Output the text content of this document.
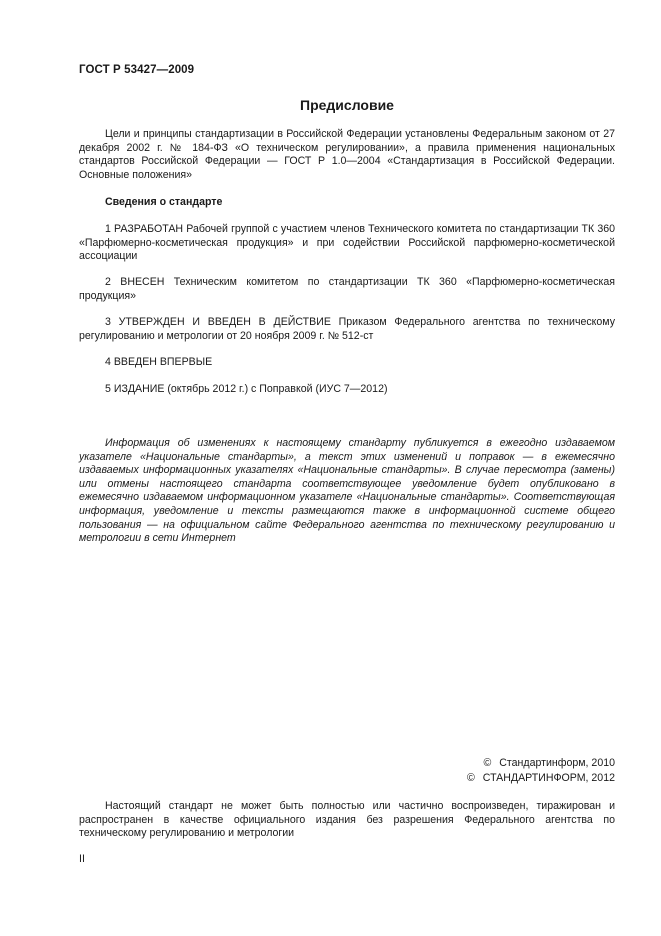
ГОСТ Р 53427—2009
Предисловие

Цели и принципы стандартизации в Российской Федерации установлены Федеральным законом от 27 декабря 2002 г. № 184-ФЗ «О техническом регулировании», а правила применения национальных стандартов Российской Федерации — ГОСТ Р 1.0—2004 «Стандартизация в Российской Федерации. Основные положения»

Сведения о стандарте

1 РАЗРАБОТАН Рабочей группой с участием членов Технического комитета по стандартизации ТК 360 «Парфюмерно-косметическая продукция» и при содействии Российской парфюмерно-косметической ассоциации

2 ВНЕСЕН Техническим комитетом по стандартизации ТК 360 «Парфюмерно-косметическая продукция»

3 УТВЕРЖДЕН И ВВЕДЕН В ДЕЙСТВИЕ Приказом Федерального агентства по техническому регулированию и метрологии от 20 ноября 2009 г. № 512-ст

4 ВВЕДЕН ВПЕРВЫЕ

5 ИЗДАНИЕ (октябрь 2012 г.) с Поправкой (ИУС 7—2012)

Информация об изменениях к настоящему стандарту публикуется в ежегодно издаваемом указателе «Национальные стандарты», а текст этих изменений и поправок — в ежемесячно издаваемых информационных указателях «Национальные стандарты». В случае пересмотра (замены) или отмены настоящего стандарта соответствующее уведомление будет опубликовано в ежемесячно издаваемом информационном указателе «Национальные стандарты». Соответствующая информация, уведомление и тексты размещаются также в информационной системе общего пользования — на официальном сайте Федерального агентства по техническому регулированию и метрологии в сети Интернет

© Стандартинформ, 2010
© СТАНДАРТИНФОРМ, 2012

Настоящий стандарт не может быть полностью или частично воспроизведен, тиражирован и распространен в качестве официального издания без разрешения Федерального агентства по техническому регулированию и метрологии

II
